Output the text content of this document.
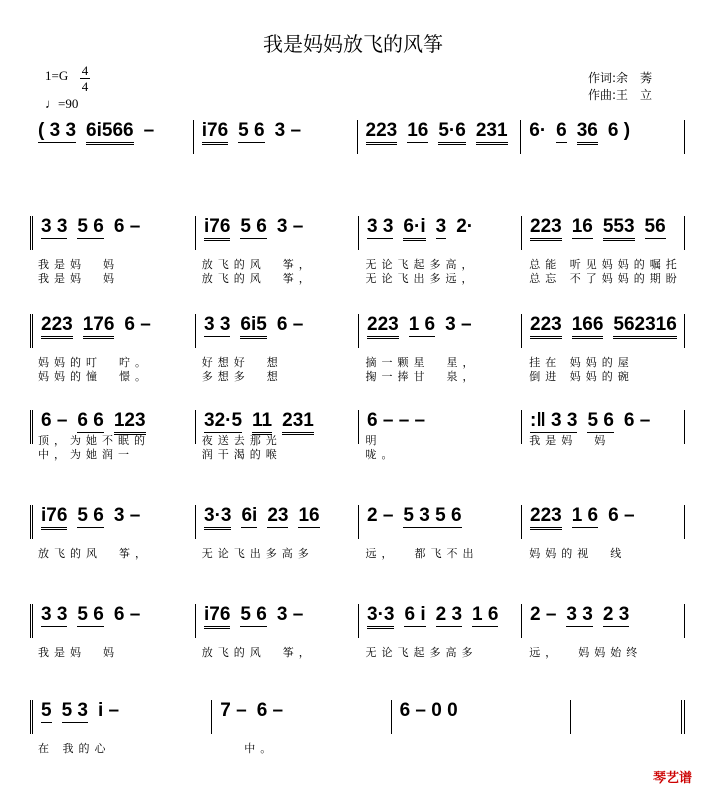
我是妈妈放飞的风筝
1=G 4
4
♩=90
作词:余　莠
作曲:王　立
( 3 3 6i566 –	i76 5 6 3 –	223 16 5·6 231 6· 6 36 6 )
3 3 5 6 6 –	i76 5 6 3 –	3 3 6·i 3 2·	223 16 553 56
我是妈  妈	放飞的风  筝，	无论飞起多高，	总能 听见妈妈的嘱托
我是妈  妈	放飞的风  筝，	无论飞出多远，	总忘 不了妈妈的期盼
223 176 6 –	3 3 6i5 6 –	223 1 6 3 –	223 166 562316
妈妈的叮  咛。	好想好  想	摘一颗星  星，	挂在 妈妈的屋
妈妈的憧  憬。	多想多  想	掬一捧甘  泉，	倒进 妈妈的碗
6 – 6 6 123	32·5 11 231	6 – – –	:‖ 3 3 5 6 6 –
顶，为她不眠的	夜送去那光	明	我是妈  妈
中，为她润一	润干渴的喉	咙。
i76 5 6 3 –	3·3 6i 23 16 2 – 5 3 5 6	223 1 6 6 –
放飞的风  筝，	无论飞出多高多	远，  都飞不出	妈妈的视  线
3 3 5 6 6 –	i76 5 6 3 –	3·3 6 i 2 3 1 6 2 – 3 3 2 3
我是妈  妈	放飞的风  筝，	无论飞起多高多	远，  妈妈始终
5 5 3 i –	7 – 6 –	6 – 0 0
在 我的心	中。
琴艺谱
